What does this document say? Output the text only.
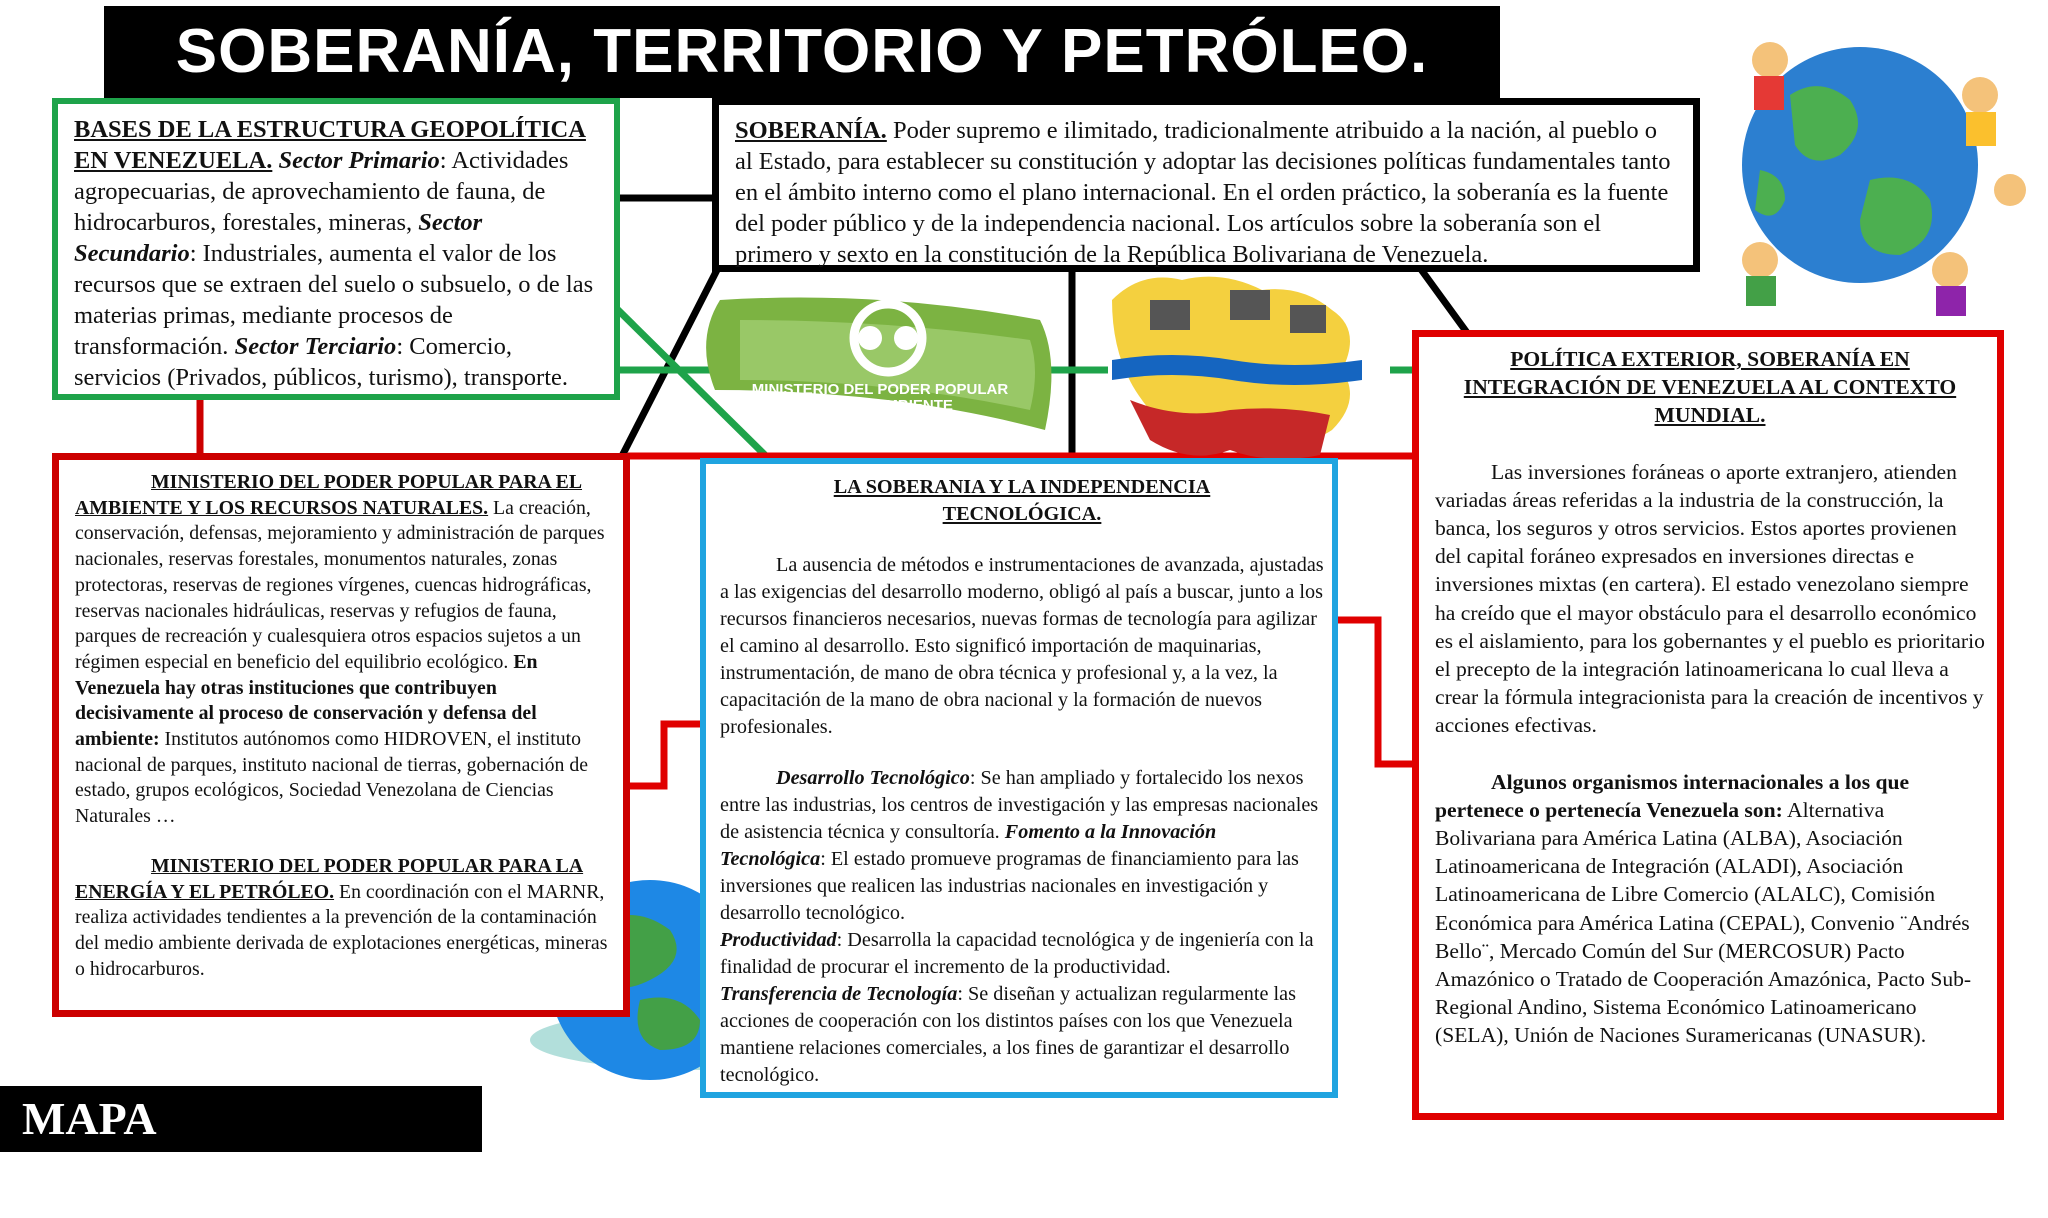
MINISTERIO DEL PODER POPULAR
PARA EL AMBIENTE
SOBERANÍA, TERRITORIO Y PETRÓLEO.
BASES DE LA ESTRUCTURA GEOPOLÍTICA EN VENEZUELA. Sector Primario: Actividades agropecuarias, de aprovechamiento de fauna, de hidrocarburos, forestales, mineras, Sector Secundario: Industriales, aumenta el valor de los recursos que se extraen del suelo o subsuelo, o de las materias primas, mediante procesos de transformación. Sector Terciario: Comercio, servicios (Privados, públicos, turismo), transporte.
SOBERANÍA. Poder supremo e ilimitado, tradicionalmente atribuido a la nación, al pueblo o al Estado, para establecer su constitución y adoptar las decisiones políticas fundamentales tanto en el ámbito interno como el plano internacional. En el orden práctico, la soberanía es la fuente del poder público y de la independencia nacional. Los artículos sobre la soberanía son el primero y sexto en la constitución de la República Bolivariana de Venezuela.
MINISTERIO DEL PODER POPULAR PARA EL AMBIENTE Y LOS RECURSOS NATURALES. La creación, conservación, defensas, mejoramiento y administración de parques nacionales, reservas forestales, monumentos naturales, zonas protectoras, reservas de regiones vírgenes, cuencas hidrográficas, reservas nacionales hidráulicas, reservas y refugios de fauna, parques de recreación y cualesquiera otros espacios sujetos a un régimen especial en beneficio del equilibrio ecológico. En Venezuela hay otras instituciones que contribuyen decisivamente al proceso de conservación y defensa del ambiente: Institutos autónomos como HIDROVEN, el instituto nacional de parques, instituto nacional de tierras, gobernación de estado, grupos ecológicos, Sociedad Venezolana de Ciencias Naturales …
MINISTERIO DEL PODER POPULAR PARA LA ENERGÍA Y EL PETRÓLEO. En coordinación con el MARNR, realiza actividades tendientes a la prevención de la contaminación del medio ambiente derivada de explotaciones energéticas, mineras o hidrocarburos.
LA SOBERANIA Y LA INDEPENDENCIA TECNOLÓGICA.
La ausencia de métodos e instrumentaciones de avanzada, ajustadas a las exigencias del desarrollo moderno, obligó al país a buscar, junto a los recursos financieros necesarios, nuevas formas de tecnología para agilizar el camino al desarrollo. Esto significó importación de maquinarias, instrumentación, de mano de obra técnica y profesional y, a la vez, la capacitación de la mano de obra nacional y la formación de nuevos profesionales.
Desarrollo Tecnológico: Se han ampliado y fortalecido los nexos entre las industrias, los centros de investigación y las empresas nacionales de asistencia técnica y consultoría. Fomento a la Innovación Tecnológica: El estado promueve programas de financiamiento para las inversiones que realicen las industrias nacionales en investigación y desarrollo tecnológico.
Productividad: Desarrolla la capacidad tecnológica y de ingeniería con la finalidad de procurar el incremento de la productividad.
Transferencia de Tecnología: Se diseñan y actualizan regularmente las acciones de cooperación con los distintos países con los que Venezuela mantiene relaciones comerciales, a los fines de garantizar el desarrollo tecnológico.
POLÍTICA EXTERIOR, SOBERANÍA EN INTEGRACIÓN DE VENEZUELA AL CONTEXTO MUNDIAL.
Las inversiones foráneas o aporte extranjero, atienden variadas áreas referidas a la industria de la construcción, la banca, los seguros y otros servicios. Estos aportes provienen del capital foráneo expresados en inversiones directas e inversiones mixtas (en cartera). El estado venezolano siempre ha creído que el mayor obstáculo para el desarrollo económico es el aislamiento, para los gobernantes y el pueblo es prioritario el precepto de la integración latinoamericana lo cual lleva a crear la fórmula integracionista para la creación de incentivos y acciones efectivas.
Algunos organismos internacionales a los que pertenece o pertenecía Venezuela son: Alternativa Bolivariana para América Latina (ALBA), Asociación Latinoamericana de Integración (ALADI), Asociación Latinoamericana de Libre Comercio (ALALC), Comisión Económica para América Latina (CEPAL), Convenio ¨Andrés Bello¨, Mercado Común del Sur (MERCOSUR) Pacto Amazónico o Tratado de Cooperación Amazónica, Pacto Sub-Regional Andino, Sistema Económico Latinoamericano (SELA), Unión de Naciones Suramericanas (UNASUR).
MAPA CONCEPTUAL.
